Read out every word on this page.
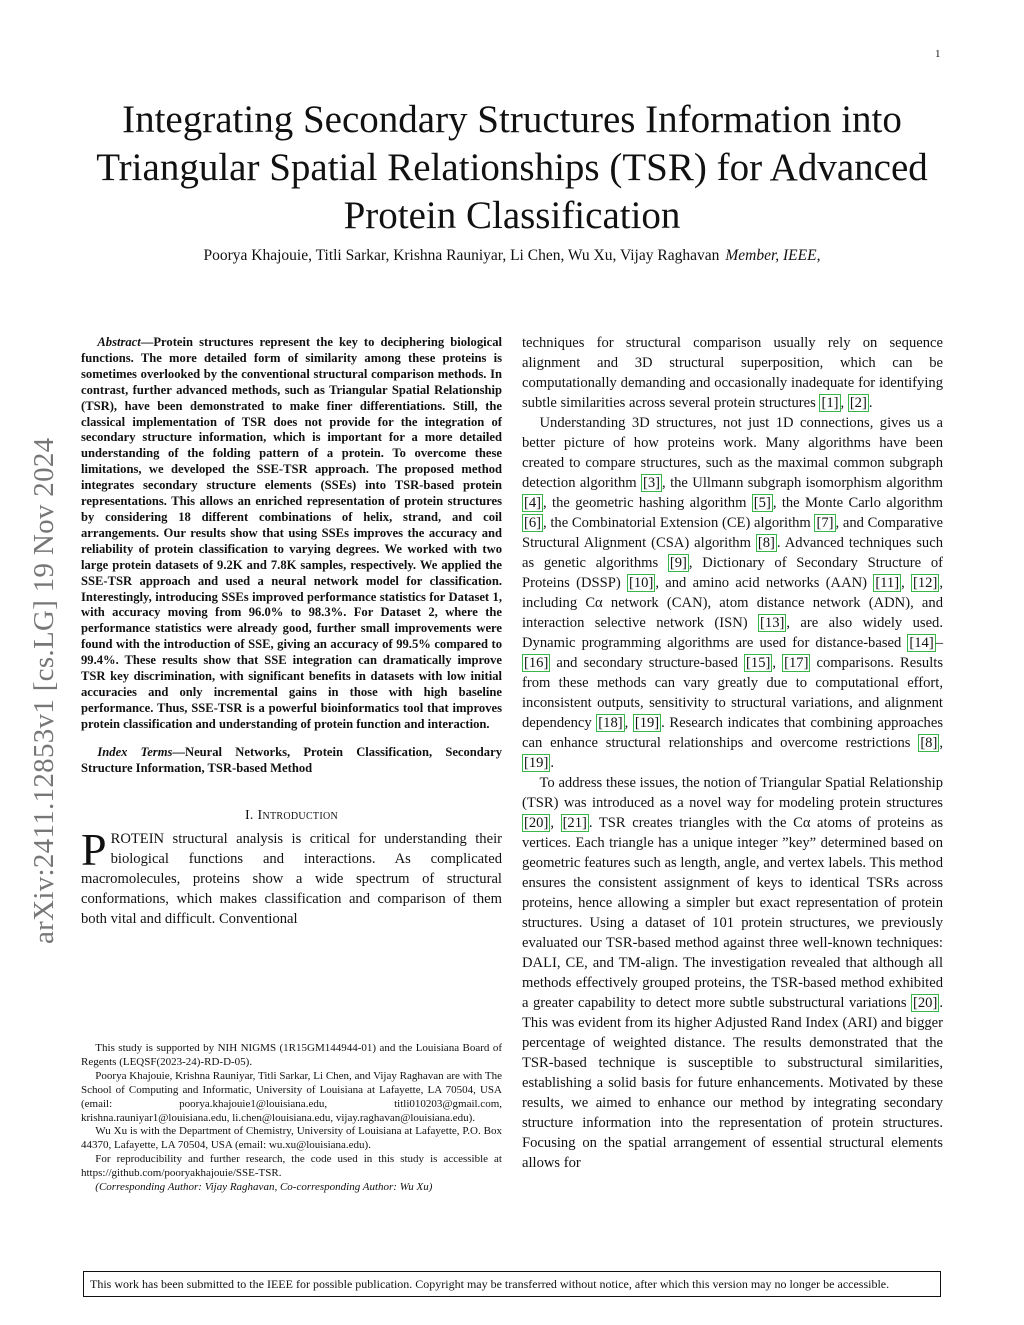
1
arXiv:2411.12853v1 [cs.LG] 19 Nov 2024
Integrating Secondary Structures Information into Triangular Spatial Relationships (TSR) for Advanced Protein Classification
Poorya Khajouie, Titli Sarkar, Krishna Rauniyar, Li Chen, Wu Xu, Vijay Raghavan Member, IEEE,

Abstract—Protein structures represent the key to deciphering biological functions. The more detailed form of similarity among these proteins is sometimes overlooked by the conventional structural comparison methods. In contrast, further advanced methods, such as Triangular Spatial Relationship (TSR), have been demonstrated to make finer differentiations. Still, the classical implementation of TSR does not provide for the integration of secondary structure information, which is important for a more detailed understanding of the folding pattern of a protein. To overcome these limitations, we developed the SSE-TSR approach. The proposed method integrates secondary structure elements (SSEs) into TSR-based protein representations. This allows an enriched representation of protein structures by considering 18 different combinations of helix, strand, and coil arrangements. Our results show that using SSEs improves the accuracy and reliability of protein classification to varying degrees. We worked with two large protein datasets of 9.2K and 7.8K samples, respectively. We applied the SSE-TSR approach and used a neural network model for classification. Interestingly, introducing SSEs improved performance statistics for Dataset 1, with accuracy moving from 96.0% to 98.3%. For Dataset 2, where the performance statistics were already good, further small improvements were found with the introduction of SSE, giving an accuracy of 99.5% compared to 99.4%. These results show that SSE integration can dramatically improve TSR key discrimination, with significant benefits in datasets with low initial accuracies and only incremental gains in those with high baseline performance. Thus, SSE-TSR is a powerful bioinformatics tool that improves protein classification and understanding of protein function and interaction.

Index Terms—Neural Networks, Protein Classification, Secondary Structure Information, TSR-based Method

I. Introduction

PROTEIN structural analysis is critical for understanding their biological functions and interactions. As complicated macromolecules, proteins show a wide spectrum of structural conformations, which makes classification and comparison of them both vital and difficult. Conventional

This study is supported by NIH NIGMS (1R15GM144944-01) and the Louisiana Board of Regents (LEQSF(2023-24)-RD-D-05).

Poorya Khajouie, Krishna Rauniyar, Titli Sarkar, Li Chen, and Vijay Raghavan are with The School of Computing and Informatic, University of Louisiana at Lafayette, LA 70504, USA (email: poorya.khajouie1@louisiana.edu, titli010203@gmail.com, krishna.rauniyar1@louisiana.edu, li.chen@louisiana.edu, vijay.raghavan@louisiana.edu).

Wu Xu is with the Department of Chemistry, University of Louisiana at Lafayette, P.O. Box 44370, Lafayette, LA 70504, USA (email: wu.xu@louisiana.edu).

For reproducibility and further research, the code used in this study is accessible at https://github.com/pooryakhajouie/SSE-TSR.

(Corresponding Author: Vijay Raghavan, Co-corresponding Author: Wu Xu)

techniques for structural comparison usually rely on sequence alignment and 3D structural superposition, which can be computationally demanding and occasionally inadequate for identifying subtle similarities across several protein structures [1] , [2] .

Understanding 3D structures, not just 1D connections, gives us a better picture of how proteins work. Many algorithms have been created to compare structures, such as the maximal common subgraph detection algorithm [3] , the Ullmann subgraph isomorphism algorithm [4] , the geometric hashing algorithm [5] , the Monte Carlo algorithm [6] , the Combinatorial Extension (CE) algorithm [7] , and Comparative Structural Alignment (CSA) algorithm [8] . Advanced techniques such as genetic algorithms [9] , Dictionary of Secondary Structure of Proteins (DSSP) [10] , and amino acid networks (AAN) [11] , [12] , including Cα network (CAN), atom distance network (ADN), and interaction selective network (ISN) [13] , are also widely used. Dynamic programming algorithms are used for distance-based [14] –[16] and secondary structure-based [15] , [17] comparisons. Results from these methods can vary greatly due to computational effort, inconsistent outputs, sensitivity to structural variations, and alignment dependency [18] , [19] . Research indicates that combining approaches can enhance structural relationships and overcome restrictions [8] , [19] .

To address these issues, the notion of Triangular Spatial Relationship (TSR) was introduced as a novel way for modeling protein structures [20] , [21] . TSR creates triangles with the Cα atoms of proteins as vertices. Each triangle has a unique integer ”key” determined based on geometric features such as length, angle, and vertex labels. This method ensures the consistent assignment of keys to identical TSRs across proteins, hence allowing a simpler but exact representation of protein structures. Using a dataset of 101 protein structures, we previously evaluated our TSR-based method against three well-known techniques: DALI, CE, and TM-align. The investigation revealed that although all methods effectively grouped proteins, the TSR-based method exhibited a greater capability to detect more subtle substructural variations [20] . This was evident from its higher Adjusted Rand Index (ARI) and bigger percentage of weighted distance. The results demonstrated that the TSR-based technique is susceptible to substructural similarities, establishing a solid basis for future enhancements. Motivated by these results, we aimed to enhance our method by integrating secondary structure information into the representation of protein structures. Focusing on the spatial arrangement of essential structural elements allows for

This work has been submitted to the IEEE for possible publication. Copyright may be transferred without notice, after which this version may no longer be accessible.
